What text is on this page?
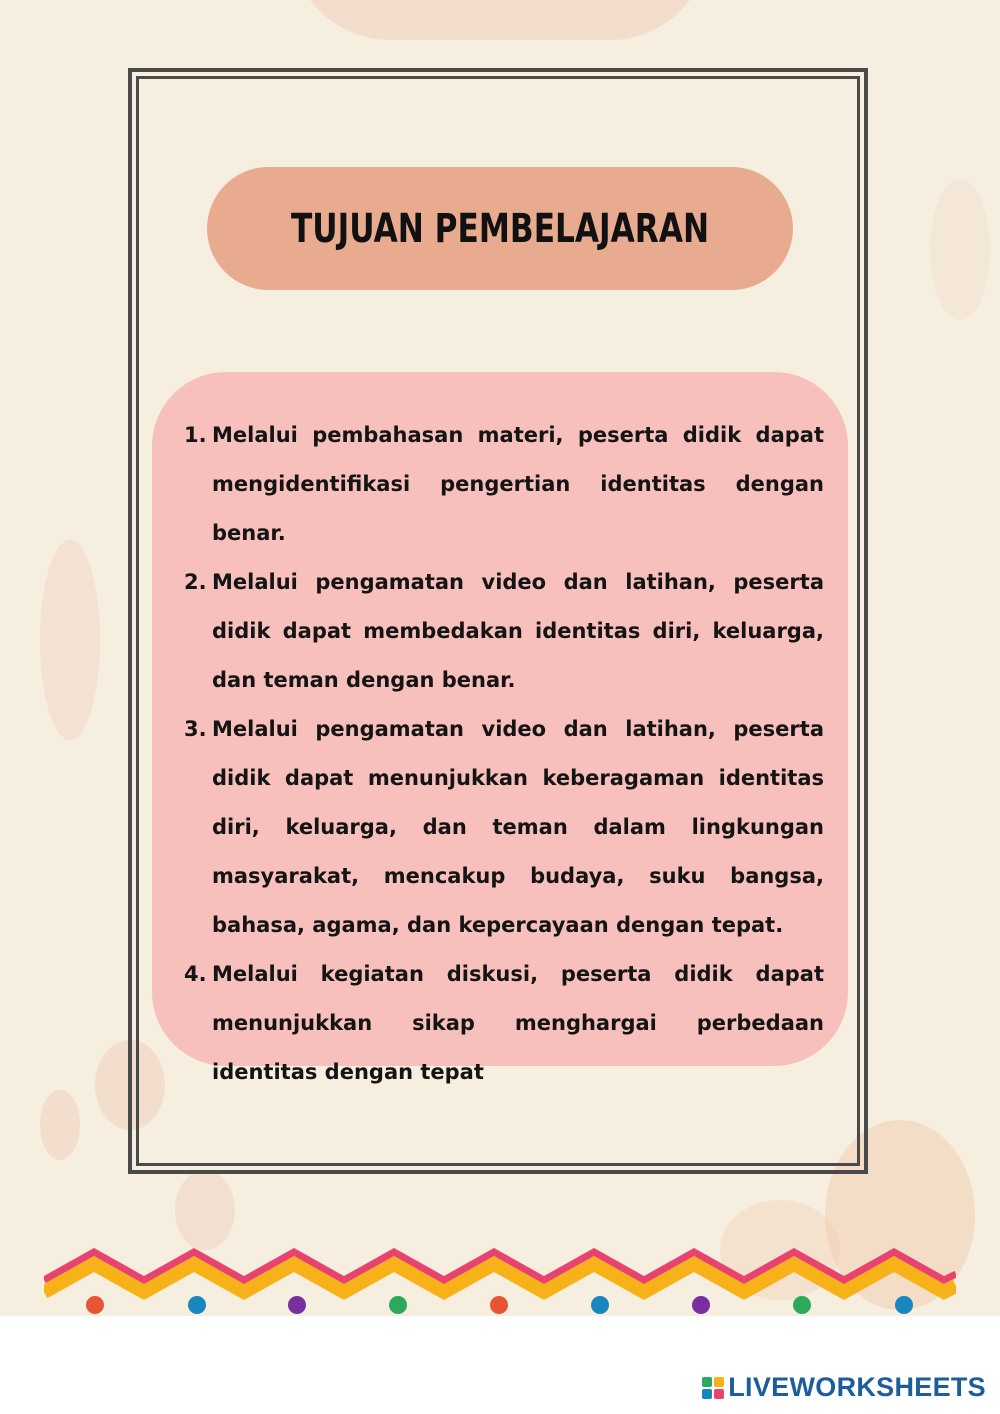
TUJUAN PEMBELAJARAN
1. Melalui pembahasan materi, peserta didik dapat mengidentifikasi pengertian identitas dengan benar.
2. Melalui pengamatan video dan latihan, peserta didik dapat membedakan identitas diri, keluarga, dan teman dengan benar.
3. Melalui pengamatan video dan latihan, peserta didik dapat menunjukkan keberagaman identitas diri, keluarga, dan teman dalam lingkungan masyarakat, mencakup budaya, suku bangsa, bahasa, agama, dan kepercayaan dengan tepat.
4. Melalui kegiatan diskusi, peserta didik dapat menunjukkan sikap menghargai perbedaan identitas dengan tepat
LIVEWORKSHEETS
